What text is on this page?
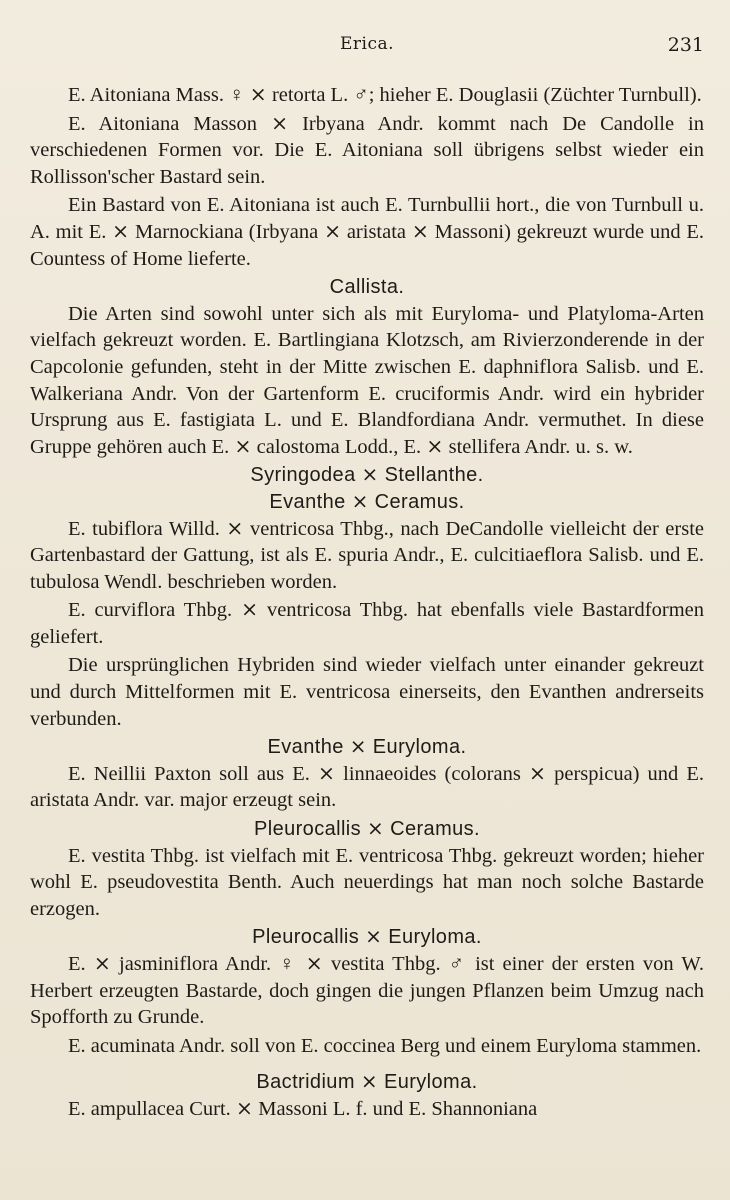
Erica.	231

E. Aitoniana Mass. ♀ ⨯ retorta L. ♂; hieher E. Douglasii (Züchter Turnbull).

E. Aitoniana Masson ⨯ Irbyana Andr. kommt nach De Candolle in verschiedenen Formen vor. Die E. Aitoniana soll übrigens selbst wieder ein Rollisson'scher Bastard sein.

Ein Bastard von E. Aitoniana ist auch E. Turnbullii hort., die von Turnbull u. A. mit E. ⨯ Marnockiana (Irbyana ⨯ aristata ⨯ Massoni) gekreuzt wurde und E. Countess of Home lieferte.

Callista.

Die Arten sind sowohl unter sich als mit Euryloma- und Platyloma-Arten vielfach gekreuzt worden. E. Bartlingiana Klotzsch, am Rivierzonderende in der Capcolonie gefunden, steht in der Mitte zwischen E. daphniflora Salisb. und E. Walkeriana Andr. Von der Gartenform E. cruciformis Andr. wird ein hybrider Ursprung aus E. fastigiata L. und E. Blandfordiana Andr. vermuthet. In diese Gruppe gehören auch E. ⨯ calostoma Lodd., E. ⨯ stellifera Andr. u. s. w.

Syringodea ⨯ Stellanthe.

Evanthe ⨯ Ceramus.

E. tubiflora Willd. ⨯ ventricosa Thbg., nach DeCandolle vielleicht der erste Gartenbastard der Gattung, ist als E. spuria Andr., E. culcitiaeflora Salisb. und E. tubulosa Wendl. beschrieben worden.

E. curviflora Thbg. ⨯ ventricosa Thbg. hat ebenfalls viele Bastardformen geliefert.

Die ursprünglichen Hybriden sind wieder vielfach unter einander gekreuzt und durch Mittelformen mit E. ventricosa einerseits, den Evanthen andrerseits verbunden.

Evanthe ⨯ Euryloma.

E. Neillii Paxton soll aus E. ⨯ linnaeoides (colorans ⨯ perspicua) und E. aristata Andr. var. major erzeugt sein.

Pleurocallis ⨯ Ceramus.

E. vestita Thbg. ist vielfach mit E. ventricosa Thbg. gekreuzt worden; hieher wohl E. pseudovestita Benth. Auch neuerdings hat man noch solche Bastarde erzogen.

Pleurocallis ⨯ Euryloma.

E. ⨯ jasminiflora Andr. ♀ ⨯ vestita Thbg. ♂ ist einer der ersten von W. Herbert erzeugten Bastarde, doch gingen die jungen Pflanzen beim Umzug nach Spofforth zu Grunde.

E. acuminata Andr. soll von E. coccinea Berg und einem Euryloma stammen.

Bactridium ⨯ Euryloma.

E. ampullacea Curt. ⨯ Massoni L. f. und E. Shannoniana
